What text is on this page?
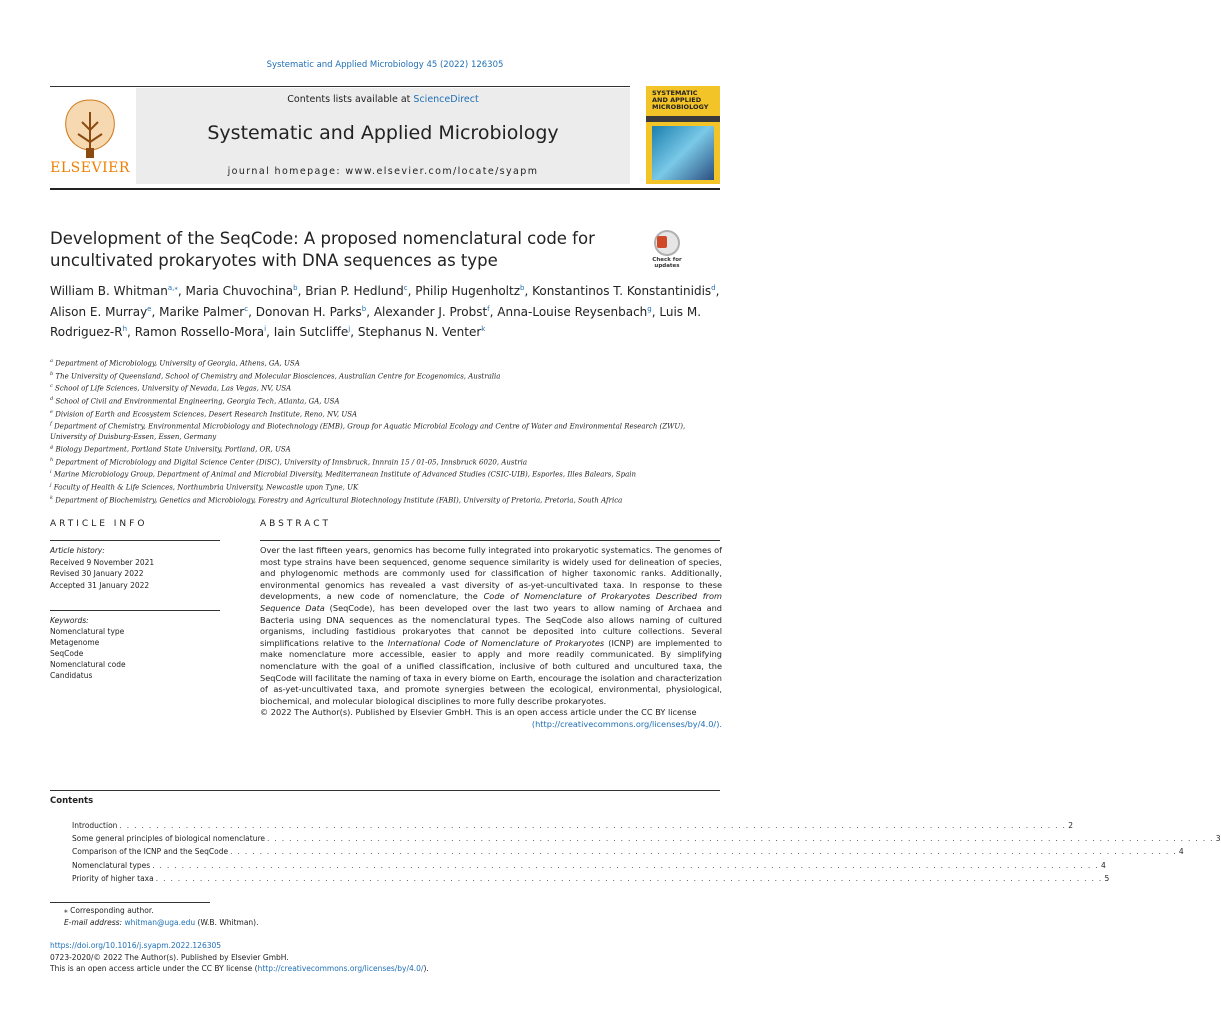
Systematic and Applied Microbiology 45 (2022) 126305
ELSEVIER
Contents lists available at ScienceDirect
Systematic and Applied Microbiology
journal homepage: www.elsevier.com/locate/syapm
SYSTEMATIC
AND APPLIED
MICROBIOLOGY
Development of the SeqCode: A proposed nomenclatural code for uncultivated prokaryotes with DNA sequences as type	Check for updates
William B. Whitman$^{a,⁎}$, Maria Chuvochina$^b$, Brian P. Hedlund$^c$, Philip Hugenholtz$^b$, Konstantinos T. Konstantinidis$^d$, Alison E. Murray$^e$, Marike Palmer$^c$, Donovan H. Parks$^b$, Alexander J. Probst$^f$, Anna-Louise Reysenbach$^g$, Luis M. Rodriguez-$R^h$, Ramon Rossello-Mora$^i$, Iain Sutcliffe$^j$, Stephanus N. Venter$^k$
$^a$ Department of Microbiology, University of Georgia, Athens, GA, USA
$^b$ The University of Queensland, School of Chemistry and Molecular Biosciences, Australian Centre for Ecogenomics, Australia
$^c$ School of Life Sciences, University of Nevada, Las Vegas, NV, USA
$^d$ School of Civil and Environmental Engineering, Georgia Tech, Atlanta, GA, USA
$^e$ Division of Earth and Ecosystem Sciences, Desert Research Institute, Reno, NV, USA
$^f$ Department of Chemistry, Environmental Microbiology and Biotechnology (EMB), Group for Aquatic Microbial Ecology and Centre of Water and Environmental Research (ZWU), University of Duisburg-Essen, Essen, Germany
$^g$ Biology Department, Portland State University, Portland, OR, USA
$^h$ Department of Microbiology and Digital Science Center (DiSC), University of Innsbruck, Innrain 15 / 01-05, Innsbruck 6020, Austria
$^i$ Marine Microbiology Group, Department of Animal and Microbial Diversity, Mediterranean Institute of Advanced Studies (CSIC-UIB), Esporles, Illes Balears, Spain
$^j$ Faculty of Health & Life Sciences, Northumbria University, Newcastle upon Tyne, UK
$^k$ Department of Biochemistry, Genetics and Microbiology, Forestry and Agricultural Biotechnology Institute (FABI), University of Pretoria, Pretoria, South Africa
ARTICLE INFO	ABSTRACT
Article history:
Received 9 November 2021
Revised 30 January 2022
Accepted 31 January 2022
Keywords:
Nomenclatural type
Metagenome
SeqCode
Nomenclatural code
Candidatus
Over the last fifteen years, genomics has become fully integrated into prokaryotic systematics. The genomes of most type strains have been sequenced, genome sequence similarity is widely used for delineation of species, and phylogenomic methods are commonly used for classification of higher taxonomic ranks. Additionally, environmental genomics has revealed a vast diversity of as-yet-uncultivated taxa. In response to these developments, a new code of nomenclature, the Code of Nomenclature of Prokaryotes Described from Sequence Data (SeqCode), has been developed over the last two years to allow naming of Archaea and Bacteria using DNA sequences as the nomenclatural types. The SeqCode also allows naming of cultured organisms, including fastidious prokaryotes that cannot be deposited into culture collections. Several simplifications relative to the International Code of Nomenclature of Prokaryotes (ICNP) are implemented to make nomenclature more accessible, easier to apply and more readily communicated. By simplifying nomenclature with the goal of a unified classification, inclusive of both cultured and uncultured taxa, the SeqCode will facilitate the naming of taxa in every biome on Earth, encourage the isolation and characterization of as-yet-uncultivated taxa, and promote synergies between the ecological, environmental, physiological, biochemical, and molecular biological disciplines to more fully describe prokaryotes.
© 2022 The Author(s). Published by Elsevier GmbH. This is an open access article under the CC BY license
(http://creativecommons.org/licenses/by/4.0/).
Contents
Introduction . . . . . . . . . . . . . . . . . . . . . . . . . . . . . . . . . . . . . . . . . . . . . . . . . . . . . . . . . . . . . . . . . . . . . . . . . . . . . . . . . . . . . . . . . . . . . . . . . . . . . . . . . . . . . . . . . . . . . . . . . . . . . . . . . 2
Some general principles of biological nomenclature . . . . . . . . . . . . . . . . . . . . . . . . . . . . . . . . . . . . . . . . . . . . . . . . . . . . . . . . . . . . . . . . . . . . . . . . . . . . . . . . . . . . . . . . . . . . . . . . . . . . . . . . . . . . . . . . . . . . . . . . . . . . . . . . . 3
Comparison of the ICNP and the SeqCode . . . . . . . . . . . . . . . . . . . . . . . . . . . . . . . . . . . . . . . . . . . . . . . . . . . . . . . . . . . . . . . . . . . . . . . . . . . . . . . . . . . . . . . . . . . . . . . . . . . . . . . . . . . . . . . . . . . . . . . . . . . . . . . . . 4
Nomenclatural types . . . . . . . . . . . . . . . . . . . . . . . . . . . . . . . . . . . . . . . . . . . . . . . . . . . . . . . . . . . . . . . . . . . . . . . . . . . . . . . . . . . . . . . . . . . . . . . . . . . . . . . . . . . . . . . . . . . . . . . . . . . . . . . . . 4
Priority of higher taxa . . . . . . . . . . . . . . . . . . . . . . . . . . . . . . . . . . . . . . . . . . . . . . . . . . . . . . . . . . . . . . . . . . . . . . . . . . . . . . . . . . . . . . . . . . . . . . . . . . . . . . . . . . . . . . . . . . . . . . . . . . . . . . . . . 5
⁎ Corresponding author.
E-mail address: whitman@uga.edu (W.B. Whitman).
https://doi.org/10.1016/j.syapm.2022.126305
0723-2020/© 2022 The Author(s). Published by Elsevier GmbH.
This is an open access article under the CC BY license (http://creativecommons.org/licenses/by/4.0/).
